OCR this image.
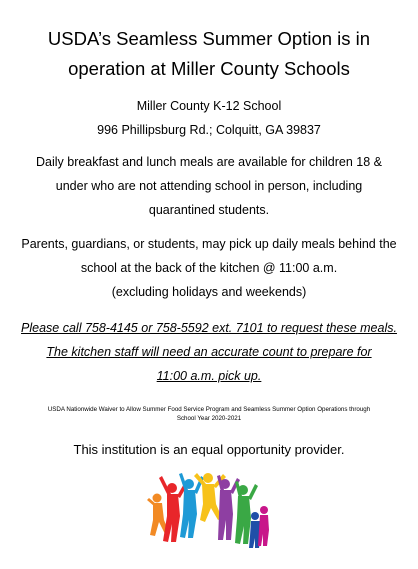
USDA’s Seamless Summer Option is in
operation at Miller County Schools
Miller County K-12 School
996 Phillipsburg Rd.; Colquitt, GA 39837
Daily breakfast and lunch meals are available for children 18 &
under who are not attending school in person, including
quarantined students.
Parents, guardians, or students, may pick up daily meals behind the
school at the back of the kitchen @ 11:00 a.m.
(excluding holidays and weekends)
Please call 758-4145 or 758-5592 ext. 7101 to request these meals.
The kitchen staff will need an accurate count to prepare for
11:00 a.m. pick up.
USDA Nationwide Waiver to Allow Summer Food Service Program and Seamless Summer Option Operations through
School Year 2020-2021
This institution is an equal opportunity provider.
